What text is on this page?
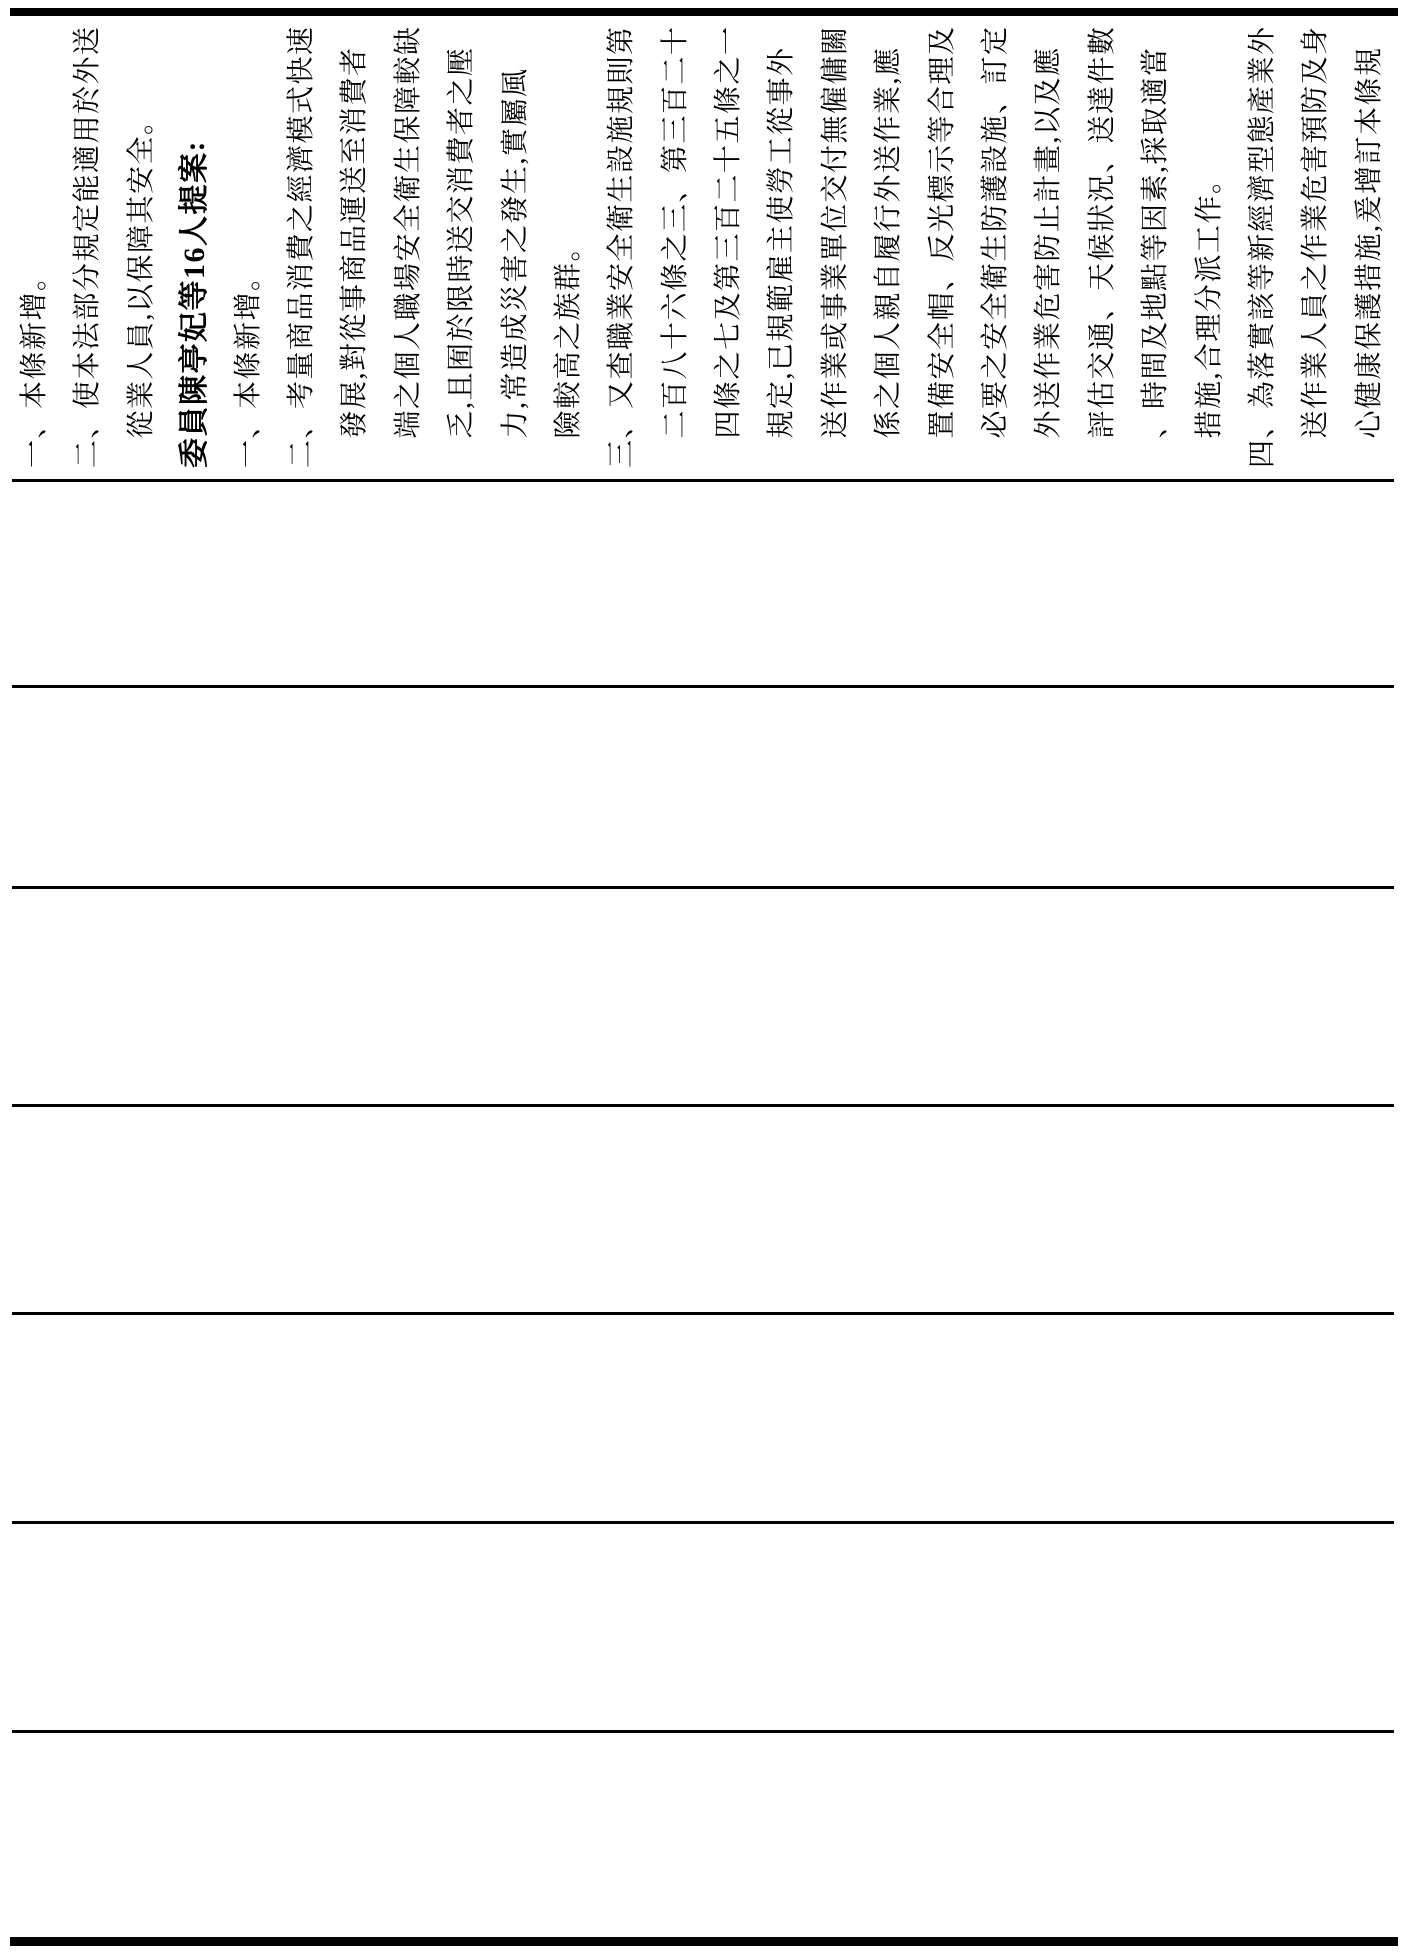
一、本條新增。 二、使本法部分規定能適用於外送 從業人員,以保障其安全。 委員陳亭妃等16人提案: 一、本條新增。 二、考量商品消費之經濟模式快速 發展,對從事商品運送至消費者 端之個人職場安全衛生保障較缺 乏,且囿於限時送交消費者之壓 力,常造成災害之發生,實屬風 險較高之族群。 三、又查職業安全衛生設施規則第 二百八十六條之三、第三百二十 四條之七及第三百二十五條之一 規定,已規範雇主使勞工從事外 送作業或事業單位交付無僱傭關 係之個人親自履行外送作業,應 置備安全帽、反光標示等合理及 必要之安全衛生防護設施、訂定 外送作業危害防止計畫,以及應 評估交通、天候狀況、送達件數 、時間及地點等因素,採取適當 措施,合理分派工作。 四、為落實該等新經濟型態產業外 送作業人員之作業危害預防及身 心健康保護措施,爰增訂本條規
